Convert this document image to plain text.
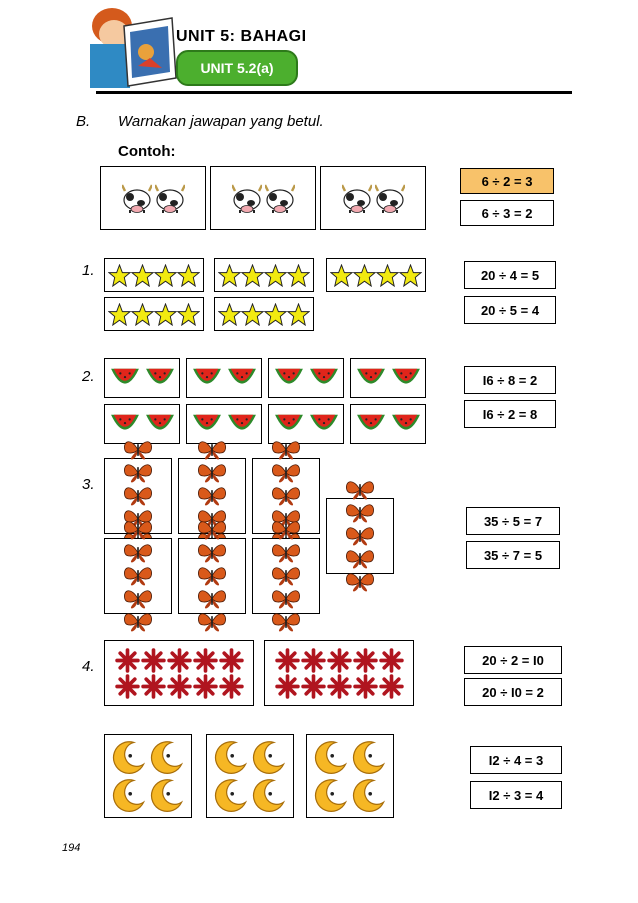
UNIT 5: BAHAGI
UNIT 5.2(a)
B. Warnakan jawapan yang betul.
Contoh:
6 ÷ 2 = 3
6 ÷ 3 = 2
1.	20 ÷ 4 = 5
20 ÷ 5 = 4
2.	I6 ÷ 8 = 2
I6 ÷ 2 = 8
3.
35 ÷ 5 = 7
35 ÷ 7 = 5
4.	20 ÷ 2 = I0
20 ÷ I0 = 2
I2 ÷ 4 = 3
I2 ÷ 3 = 4
194
